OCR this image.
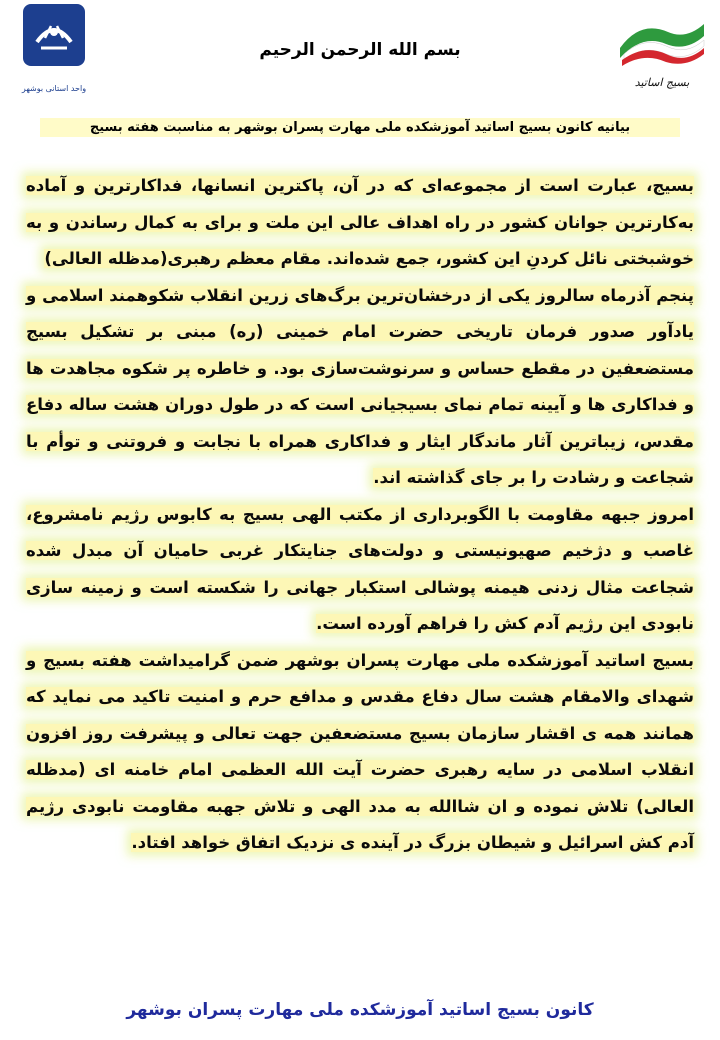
واحد استانی بوشهر	بسیج اساتید
بسم الله الرحمن الرحیم
بیانیه کانون بسیج اساتید آموزشکده ملی مهارت پسران بوشهر به مناسبت هفته بسیج

بسیج، عبارت است از مجموعه‌ای که در آن، پاکترین انسانها، فداکارترین و آماده به‌کارترین جوانان کشور در راه اهداف عالی این ملت و برای به کمال رساندن و به خوشبختی نائل کردنِ این کشور، جمع شده‌اند. مقام معظم رهبری(مدظله العالی)

پنجم آذرماه سالروز یکی از درخشان‌ترین برگ‌های زرین انقلاب شکوهمند اسلامی و یادآور صدور فرمان تاریخی حضرت امام خمینی (ره) مبنی بر تشکیل بسیج مستضعفین در مقطع حساس و سرنوشت‌سازی بود. و خاطره پر شکوه مجاهدت ها و فداکاری ها و آیینه تمام نمای بسیجیانی است که در طول دوران هشت ساله دفاع مقدس، زیباترین آثار ماندگار ایثار و فداکاری همراه با نجابت و فروتنی و توأم با شجاعت و رشادت را بر جای گذاشته اند.

امروز جبهه مقاومت با الگوبرداری از مکتب الهی بسیج به کابوس رژیم نامشروع، غاصب و دژخیم صهیونیستی و دولت‌های جنایتکار غربی حامیان آن مبدل شده شجاعت مثال زدنی هیمنه پوشالی استکبار جهانی را شکسته است و زمینه سازی نابودی این رژیم آدم کش را فراهم آورده است.

بسیج اساتید آموزشکده ملی مهارت پسران بوشهر ضمن گرامیداشت هفته بسیج و شهدای والامقام هشت سال دفاع مقدس و مدافع حرم و امنیت تاکید می نماید که همانند همه ی اقشار سازمان بسیج مستضعفین جهت تعالی و پیشرفت روز افزون انقلاب اسلامی در سایه رهبری حضرت آیت الله العظمی امام خامنه ای (مدظله العالی) تلاش نموده و ان شاالله به مدد الهی و تلاش جهبه مقاومت نابودی رژیم آدم کش اسرائیل و شیطان بزرگ در آینده ی نزدیک اتفاق خواهد افتاد.

کانون بسیج اساتید آموزشکده ملی مهارت پسران بوشهر
